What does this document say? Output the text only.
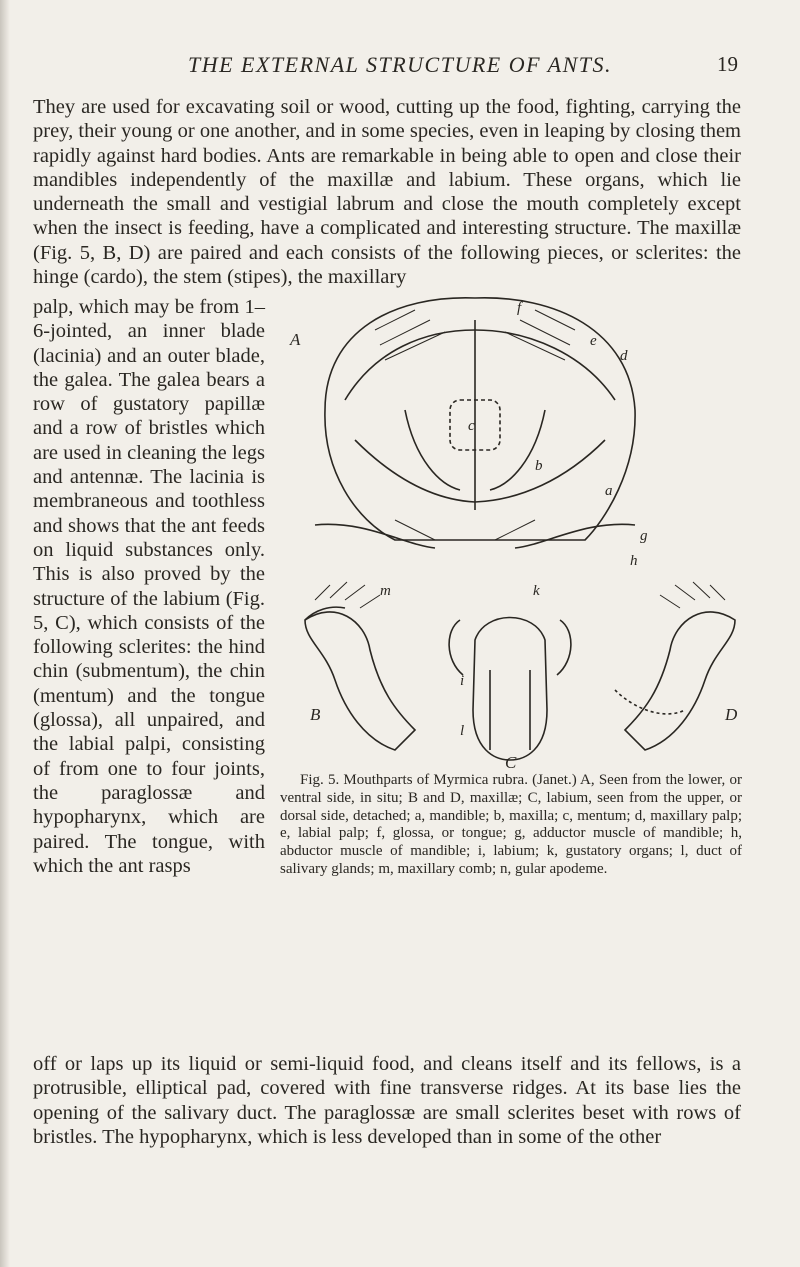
THE EXTERNAL STRUCTURE OF ANTS.	19

They are used for excavating soil or wood, cutting up the food, fighting, carrying the prey, their young or one another, and in some species, even in leaping by closing them rapidly against hard bodies. Ants are remarkable in being able to open and close their mandibles independently of the maxillæ and labium. These organs, which lie underneath the small and vestigial labrum and close the mouth completely except when the insect is feeding, have a complicated and interesting structure. The maxillæ (Fig. 5, B, D) are paired and each consists of the following pieces, or sclerites: the hinge (cardo), the stem (stipes), the maxillary

palp, which may be from 1–6-jointed, an inner blade (lacinia) and an outer blade, the galea. The galea bears a row of gustatory papillæ and a row of bristles which are used in cleaning the legs and antennæ. The lacinia is membraneous and toothless and shows that the ant feeds on liquid substances only. This is also proved by the structure of the labium (Fig. 5, C), which consists of the following sclerites: the hind chin (submentum), the chin (mentum) and the tongue (glossa), all unpaired, and the labial palpi, consisting of from one to four joints, the paraglossæ and hypopharynx, which are paired. The tongue, with which the ant rasps

A
B
C
D
a
b
c
d
e
f
g
h
i
k
l
m

Fig. 5. Mouthparts of Myrmica rubra. (Janet.) A, Seen from the lower, or ventral side, in situ; B and D, maxillæ; C, labium, seen from the upper, or dorsal side, detached; a, mandible; b, maxilla; c, mentum; d, maxillary palp; e, labial palp; f, glossa, or tongue; g, adductor muscle of mandible; h, abductor muscle of mandible; i, labium; k, gustatory organs; l, duct of salivary glands; m, maxillary comb; n, gular apodeme.

off or laps up its liquid or semi-liquid food, and cleans itself and its fellows, is a protrusible, elliptical pad, covered with fine transverse ridges. At its base lies the opening of the salivary duct. The paraglossæ are small sclerites beset with rows of bristles. The hypopharynx, which is less developed than in some of the other
